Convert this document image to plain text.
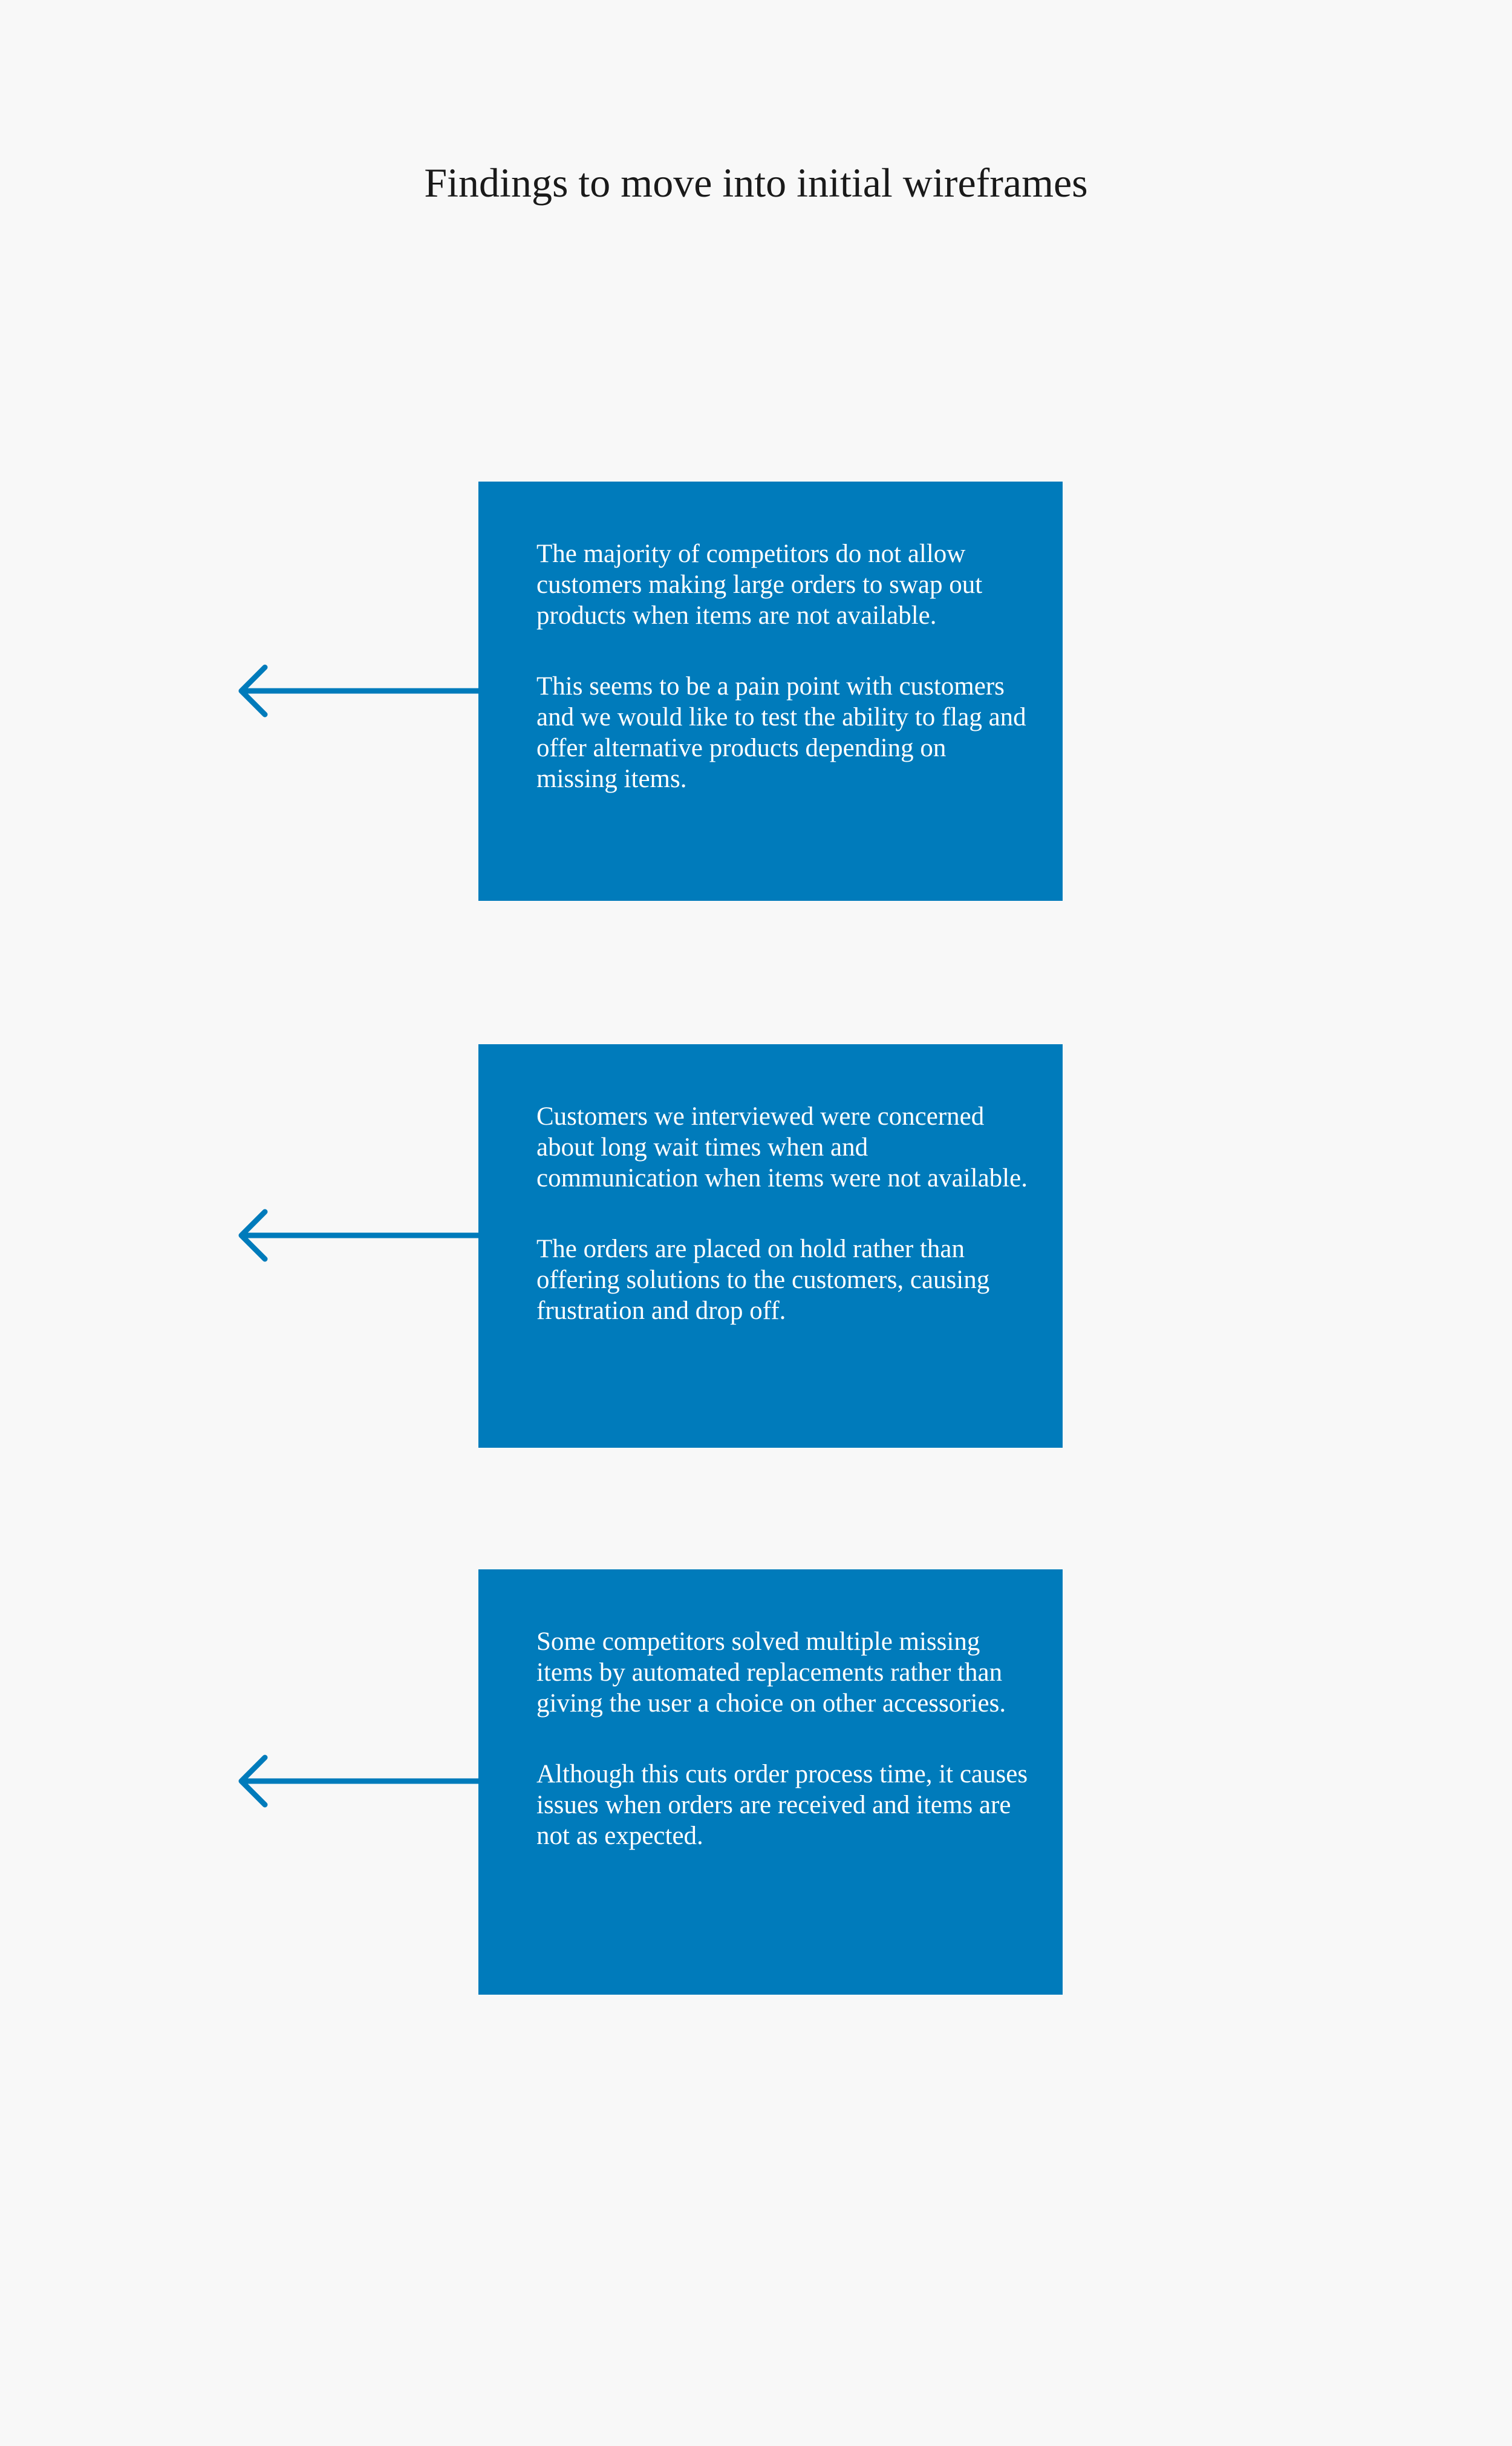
Findings to move into initial wireframes

The majority of competitors do not allow customers making large orders to swap out products when items are not available.

This seems to be a pain point with customers and we would like to test the ability to flag and offer alternative products depending on missing items.

Customers we interviewed were concerned about long wait times when and communication when items were not available.

The orders are placed on hold rather than offering solutions to the customers, causing frustration and drop off.

Some competitors solved multiple missing items by automated replacements rather than giving the user a choice on other accessories.

Although this cuts order process time, it causes issues when orders are received and items are not as expected.
